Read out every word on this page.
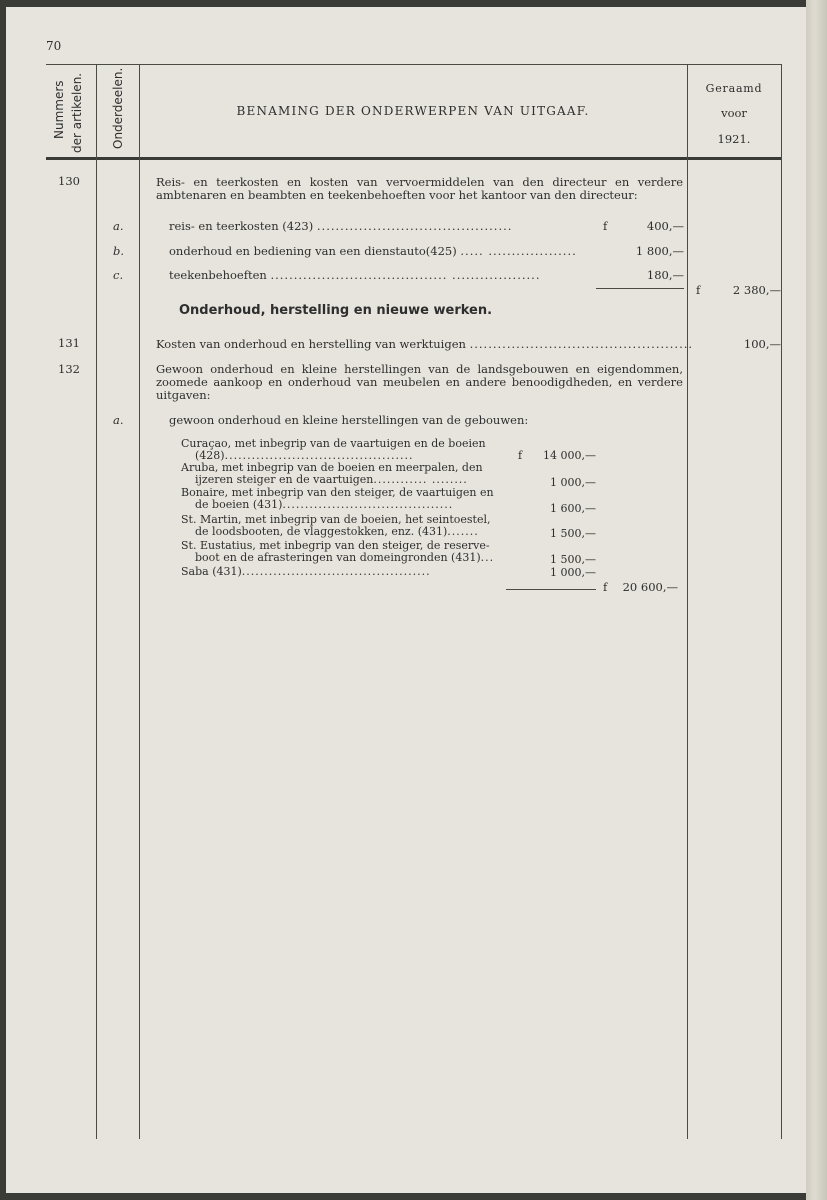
70
Nummers der artikelen. Onderdeelen.	BENAMING DER ONDERWERPEN VAN UITGAAF.
Geraamd
voor
1921.
130	Reis- en teerkosten en kosten van vervoermiddelen van den directeur en verdere ambtenaren en beambten en teekenbehoeften voor het kantoor van den directeur:
a.	reis- en teerkosten (423) ..........................................	f	400,—
b.	onderhoud en bediening van een dienstauto(425) ..... ...................	1 800,—
c.	teekenbehoeften ...................................... ...................	180,—
f	2 380,—
Onderhoud, herstelling en nieuwe werken.
131	Kosten van onderhoud en herstelling van werktuigen ................................................	100,—
132	Gewoon onderhoud en kleine herstellingen van de landsgebouwen en eigendommen, zoomede aankoop en onderhoud van meubelen en andere benoodigdheden, en verdere uitgaven:
a.	gewoon onderhoud en kleine herstellingen van de gebouwen:
Curaçao, met inbegrip van de vaartuigen en de boeien
(428)..........................................	f	14 000,—
Aruba, met inbegrip van de boeien en meerpalen, den
ijzeren steiger en de vaartuigen............ ........	1 000,—
Bonaire, met inbegrip van den steiger, de vaartuigen en
de boeien (431)......................................	1 600,—
St. Martin, met inbegrip van de boeien, het seintoestel,
de loodsbooten, de vlaggestokken, enz. (431).......	1 500,—
St. Eustatius, met inbegrip van den steiger, de reserve-
boot en de afrasteringen van domeingronden (431)...	1 500,—
Saba (431)..........................................	1 000,—
f	20 600,—
